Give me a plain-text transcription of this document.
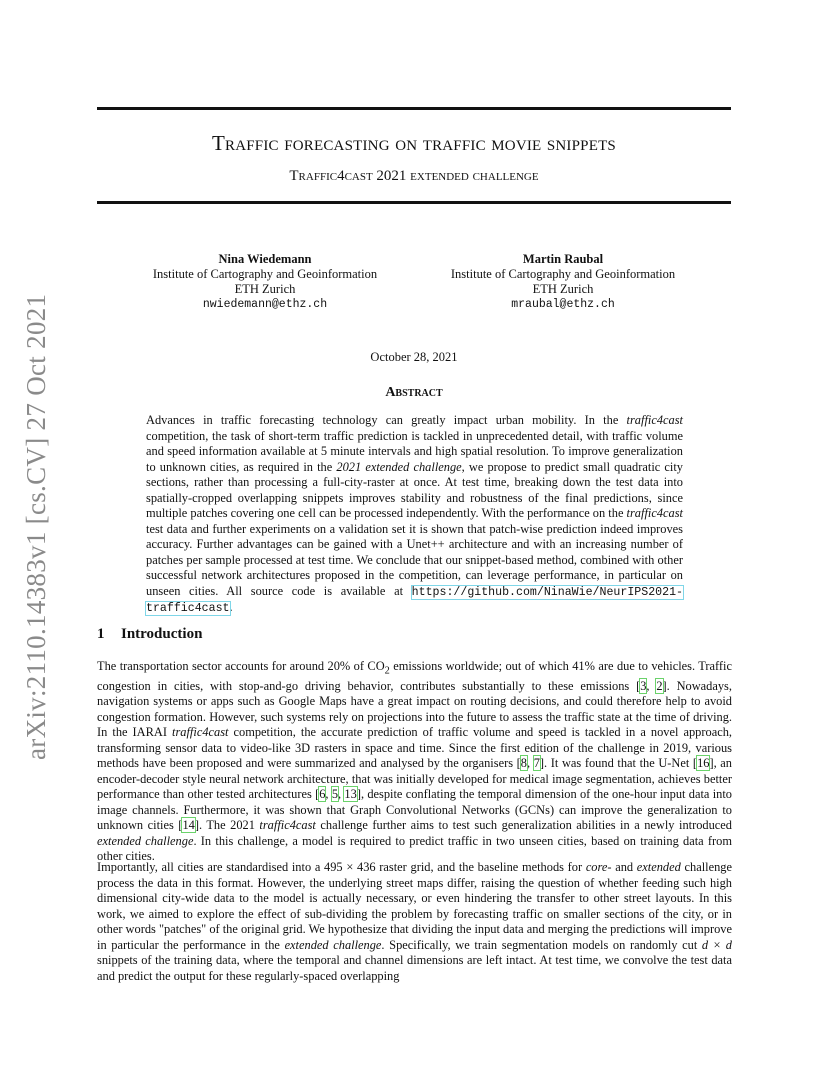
arXiv:2110.14383v1 [cs.CV] 27 Oct 2021
Traffic forecasting on traffic movie snippets
Traffic4cast 2021 extended challenge
Nina Wiedemann
Institute of Cartography and Geoinformation
ETH Zurich
nwiedemann@ethz.ch
Martin Raubal
Institute of Cartography and Geoinformation
ETH Zurich
mraubal@ethz.ch
October 28, 2021
Abstract
Advances in traffic forecasting technology can greatly impact urban mobility. In the traffic4cast competition, the task of short-term traffic prediction is tackled in unprecedented detail, with traffic volume and speed information available at 5 minute intervals and high spatial resolution. To improve generalization to unknown cities, as required in the 2021 extended challenge, we propose to predict small quadratic city sections, rather than processing a full-city-raster at once. At test time, breaking down the test data into spatially-cropped overlapping snippets improves stability and robustness of the final predictions, since multiple patches covering one cell can be processed independently. With the performance on the traffic4cast test data and further experiments on a validation set it is shown that patch-wise prediction indeed improves accuracy. Further advantages can be gained with a Unet++ architecture and with an increasing number of patches per sample processed at test time. We conclude that our snippet-based method, combined with other successful network architectures proposed in the competition, can leverage performance, in particular on unseen cities. All source code is available at https://github.com/NinaWie/NeurIPS2021-traffic4cast.
1 Introduction
The transportation sector accounts for around 20% of $CO_2$ emissions worldwide; out of which 41% are due to vehicles. Traffic congestion in cities, with stop-and-go driving behavior, contributes substantially to these emissions [3, 2]. Nowadays, navigation systems or apps such as Google Maps have a great impact on routing decisions, and could therefore help to avoid congestion formation. However, such systems rely on projections into the future to assess the traffic state at the time of driving. In the IARAI traffic4cast competition, the accurate prediction of traffic volume and speed is tackled in a novel approach, transforming sensor data to video-like 3D rasters in space and time. Since the first edition of the challenge in 2019, various methods have been proposed and were summarized and analysed by the organisers [8, 7]. It was found that the U-Net [16], an encoder-decoder style neural network architecture, that was initially developed for medical image segmentation, achieves better performance than other tested architectures [6, 5, 13], despite conflating the temporal dimension of the one-hour input data into image channels. Furthermore, it was shown that Graph Convolutional Networks (GCNs) can improve the generalization to unknown cities [14]. The 2021 traffic4cast challenge further aims to test such generalization abilities in a newly introduced extended challenge. In this challenge, a model is required to predict traffic in two unseen cities, based on training data from other cities.
Importantly, all cities are standardised into a 495 × 436 raster grid, and the baseline methods for core- and extended challenge process the data in this format. However, the underlying street maps differ, raising the question of whether feeding such high dimensional city-wide data to the model is actually necessary, or even hindering the transfer to other street layouts. In this work, we aimed to explore the effect of sub-dividing the problem by forecasting traffic on smaller sections of the city, or in other words "patches" of the original grid. We hypothesize that dividing the input data and merging the predictions will improve in particular the performance in the extended challenge. Specifically, we train segmentation models on randomly cut d × d snippets of the training data, where the temporal and channel dimensions are left intact. At test time, we convolve the test data and predict the output for these regularly-spaced overlapping
